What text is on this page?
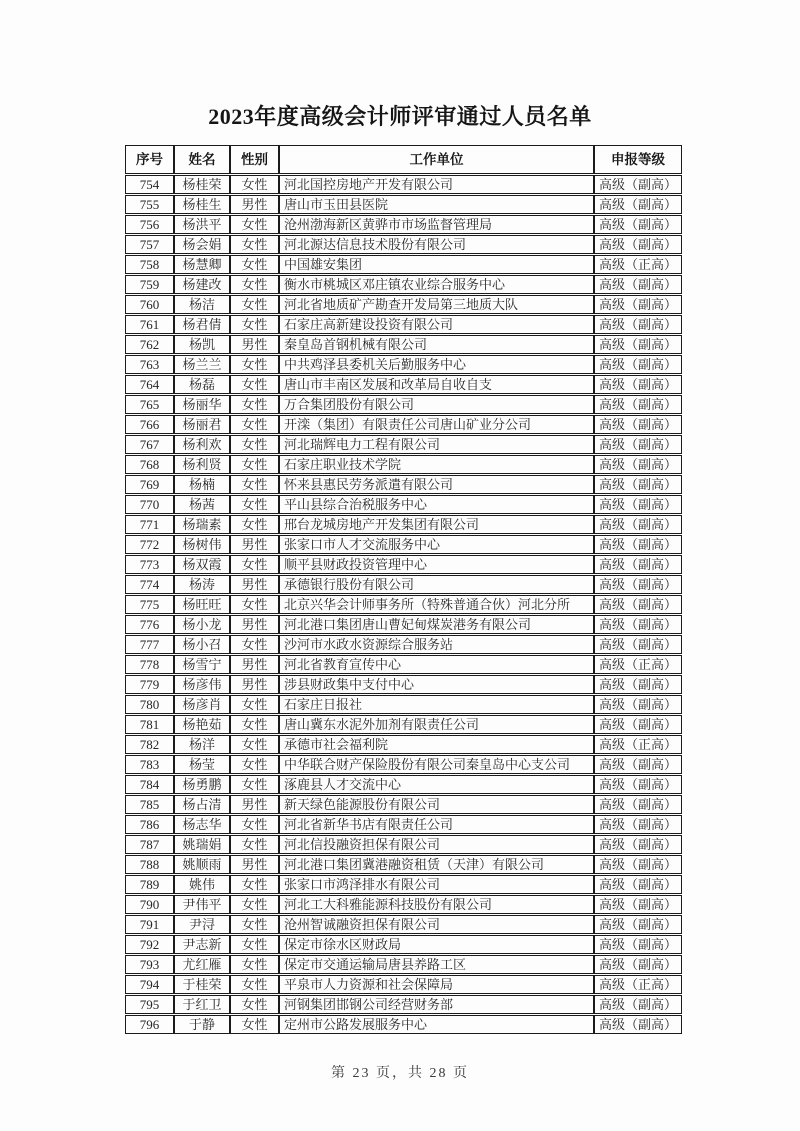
2023年度高级会计师评审通过人员名单
序号	姓名	性别	工作单位	申报等级
754	杨桂荣	女性	河北国控房地产开发有限公司	高级（副高）
755	杨桂生	男性	唐山市玉田县医院	高级（副高）
756	杨洪平	女性	沧州渤海新区黄骅市市场监督管理局	高级（副高）
757	杨会娟	女性	河北源达信息技术股份有限公司	高级（副高）
758	杨慧卿	女性	中国雄安集团	高级（正高）
759	杨建改	女性	衡水市桃城区邓庄镇农业综合服务中心	高级（副高）
760	杨洁	女性	河北省地质矿产勘查开发局第三地质大队	高级（副高）
761	杨君倩	女性	石家庄高新建设投资有限公司	高级（副高）
762	杨凯	男性	秦皇岛首钢机械有限公司	高级（副高）
763	杨兰兰	女性	中共鸡泽县委机关后勤服务中心	高级（副高）
764	杨磊	女性	唐山市丰南区发展和改革局自收自支	高级（副高）
765	杨丽华	女性	万合集团股份有限公司	高级（副高）
766	杨丽君	女性	开滦（集团）有限责任公司唐山矿业分公司	高级（副高）
767	杨利欢	女性	河北瑞辉电力工程有限公司	高级（副高）
768	杨利贤	女性	石家庄职业技术学院	高级（副高）
769	杨楠	女性	怀来县惠民劳务派遣有限公司	高级（副高）
770	杨茜	女性	平山县综合治税服务中心	高级（副高）
771	杨瑞素	女性	邢台龙城房地产开发集团有限公司	高级（副高）
772	杨树伟	男性	张家口市人才交流服务中心	高级（副高）
773	杨双霞	女性	顺平县财政投资管理中心	高级（副高）
774	杨涛	男性	承德银行股份有限公司	高级（副高）
775	杨旺旺	女性	北京兴华会计师事务所（特殊普通合伙）河北分所	高级（副高）
776	杨小龙	男性	河北港口集团唐山曹妃甸煤炭港务有限公司	高级（副高）
777	杨小召	女性	沙河市水政水资源综合服务站	高级（副高）
778	杨雪宁	男性	河北省教育宣传中心	高级（正高）
779	杨彦伟	男性	涉县财政集中支付中心	高级（副高）
780	杨彦肖	女性	石家庄日报社	高级（副高）
781	杨艳茹	女性	唐山冀东水泥外加剂有限责任公司	高级（副高）
782	杨洋	女性	承德市社会福利院	高级（正高）
783	杨莹	女性	中华联合财产保险股份有限公司秦皇岛中心支公司	高级（副高）
784	杨勇鹏	女性	涿鹿县人才交流中心	高级（副高）
785	杨占清	男性	新天绿色能源股份有限公司	高级（副高）
786	杨志华	女性	河北省新华书店有限责任公司	高级（副高）
787	姚瑞娟	女性	河北信投融资担保有限公司	高级（副高）
788	姚顺雨	男性	河北港口集团冀港融资租赁（天津）有限公司	高级（副高）
789	姚伟	女性	张家口市鸿泽排水有限公司	高级（副高）
790	尹伟平	女性	河北工大科雅能源科技股份有限公司	高级（副高）
791	尹浔	女性	沧州智诚融资担保有限公司	高级（副高）
792	尹志新	女性	保定市徐水区财政局	高级（副高）
793	尤红雁	女性	保定市交通运输局唐县养路工区	高级（副高）
794	于桂荣	女性	平泉市人力资源和社会保障局	高级（正高）
795	于红卫	女性	河钢集团邯钢公司经营财务部	高级（副高）
796	于静	女性	定州市公路发展服务中心	高级（副高）
第 23 页，共 28 页
